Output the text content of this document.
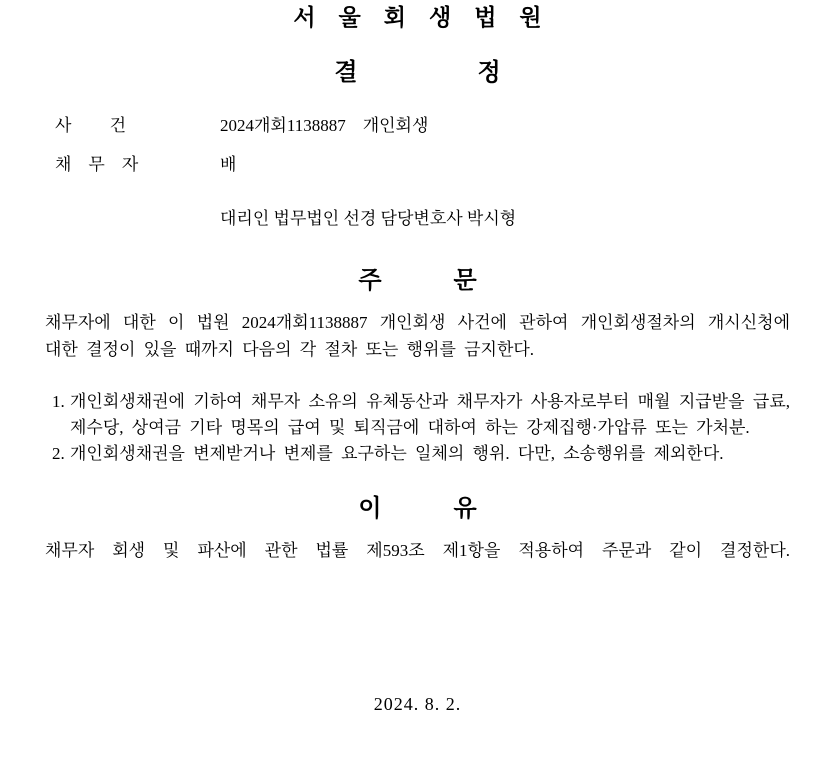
서　울　회　생　법　원
결　　　　　정
사　　 건	2024개회1138887　개인회생
채　무　자	배
대리인 법무법인 선경 담당변호사 박시형
주　　　문

채무자에 대한 이 법원 2024개회1138887 개인회생 사건에 관하여 개인회생절차의 개시신청에 대한 결정이 있을 때까지 다음의 각 절차 또는 행위를 금지한다.

1. 개인회생채권에 기하여 채무자 소유의 유체동산과 채무자가 사용자로부터 매월 지급받을 급료, 제수당, 상여금 기타 명목의 급여 및 퇴직금에 대하여 하는 강제집행·가압류 또는 가처분.
2. 개인회생채권을 변제받거나 변제를 요구하는 일체의 행위. 다만, 소송행위를 제외한다.
이　　　유

채무자 회생 및 파산에 관한 법률 제593조 제1항을 적용하여 주문과 같이 결정한다.

2024. 8. 2.
